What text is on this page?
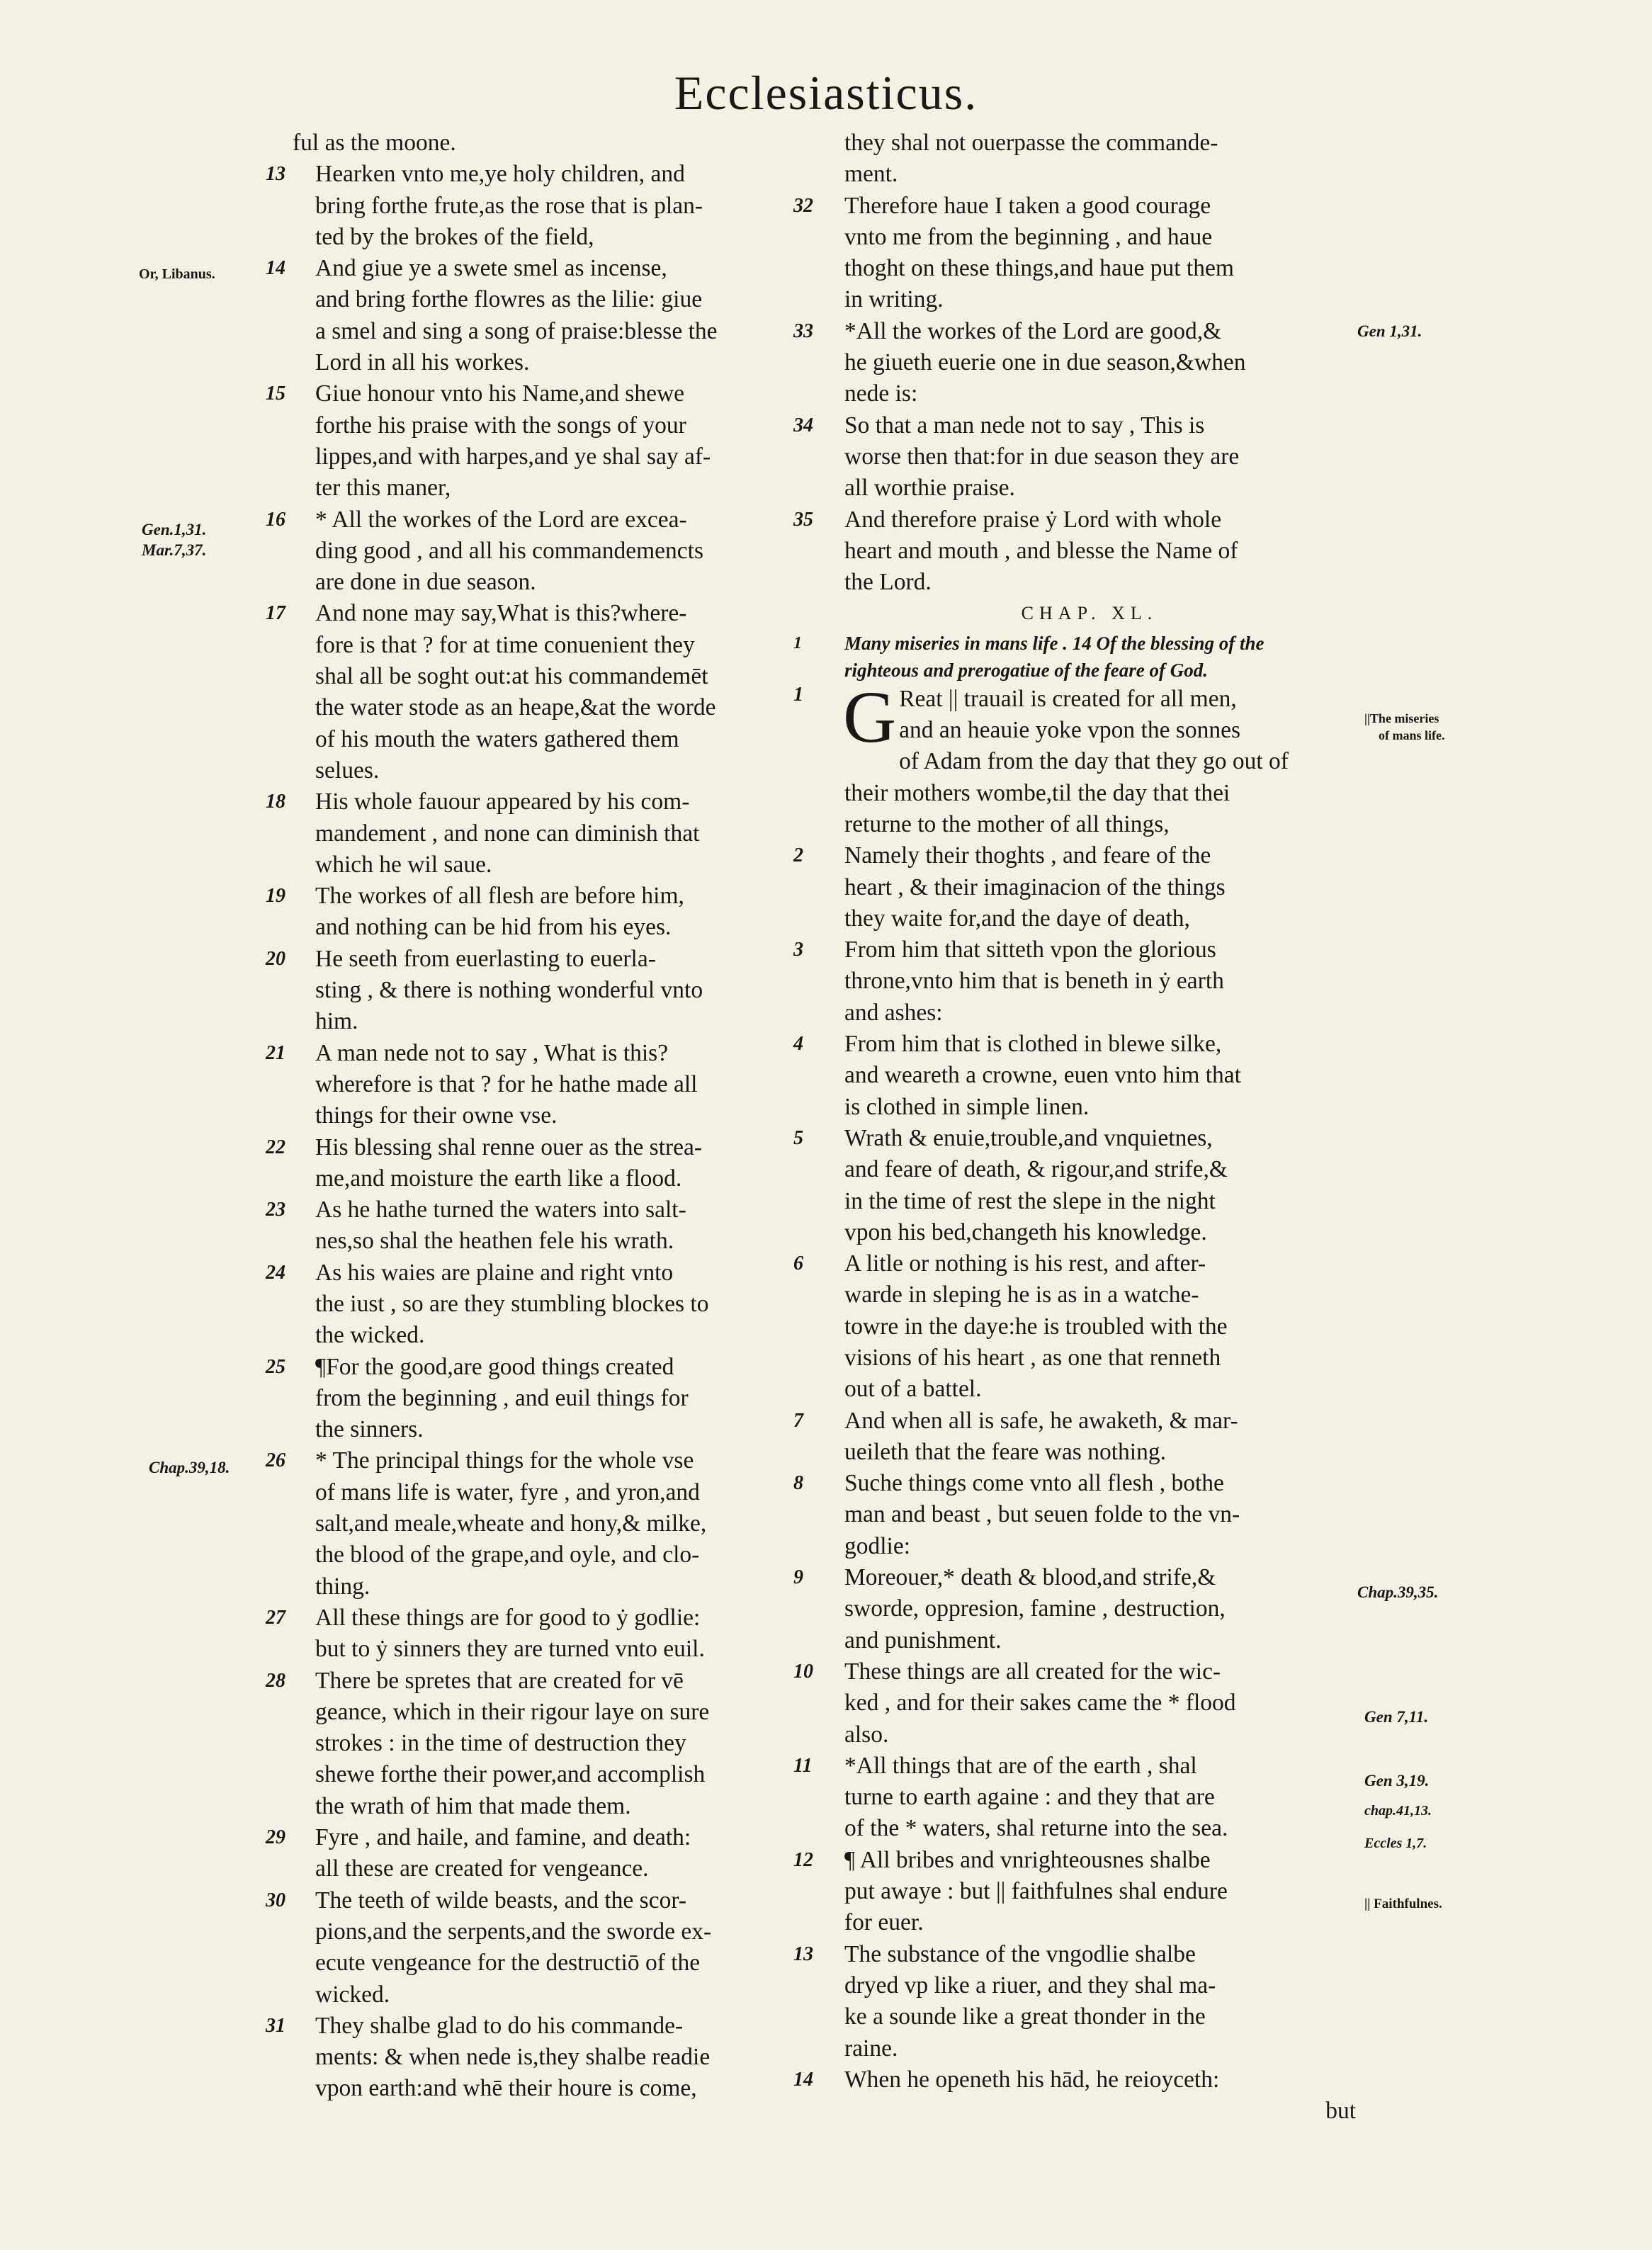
Ecclesiasticus.
ful as the moone.
13	Hearken vnto me,ye holy children, and
bring forthe frute,as the rose that is plan-
ted by the brokes of the field,
14	And giue ye a swete smel as incense,
and bring forthe flowres as the lilie: giue
a smel and sing a song of praise:blesse the
Lord in all his workes.
15	Giue honour vnto his Name,and shewe
forthe his praise with the songs of your
lippes,and with harpes,and ye shal say af-
ter this maner,
16	* All the workes of the Lord are excea-
ding good , and all his commandemencts
are done in due season.
17	And none may say,What is this?where-
fore is that ? for at time conuenient they
shal all be soght out:at his commandemēt
the water stode as an heape,&at the worde
of his mouth the waters gathered them
selues.
18	His whole fauour appeared by his com-
mandement , and none can diminish that
which he wil saue.
19	The workes of all flesh are before him,
and nothing can be hid from his eyes.
20	He seeth from euerlasting to euerla-
sting , & there is nothing wonderful vnto
him.
21	A man nede not to say , What is this?
wherefore is that ? for he hathe made all
things for their owne vse.
22	His blessing shal renne ouer as the strea-
me,and moisture the earth like a flood.
23	As he hathe turned the waters into salt-
nes,so shal the heathen fele his wrath.
24	As his waies are plaine and right vnto
the iust , so are they stumbling blockes to
the wicked.
25	¶For the good,are good things created
from the beginning , and euil things for
the sinners.
26	* The principal things for the whole vse
of mans life is water, fyre , and yron,and
salt,and meale,wheate and hony,& milke,
the blood of the grape,and oyle, and clo-
thing.
27	All these things are for good to ẏ godlie:
but to ẏ sinners they are turned vnto euil.
28	There be spretes that are created for vē
geance, which in their rigour laye on sure
strokes : in the time of destruction they
shewe forthe their power,and accomplish
the wrath of him that made them.
29	Fyre , and haile, and famine, and death:
all these are created for vengeance.
30	The teeth of wilde beasts, and the scor-
pions,and the serpents,and the sworde ex-
ecute vengeance for the destructiō of the
wicked.
31	They shalbe glad to do his commande-
ments: & when nede is,they shalbe readie
vpon earth:and whē their houre is come,
they shal not ouerpasse the commande-
ment.
32 Therefore haue I taken a good courage
vnto me from the beginning , and haue
thoght on these things,and haue put them
in writing.
33 *All the workes of the Lord are good,&
he giueth euerie one in due season,&when
nede is:
34 So that a man nede not to say , This is
worse then that:for in due season they are
all worthie praise.
35 And therefore praise ẏ Lord with whole
heart and mouth , and blesse the Name of
the Lord.
CHAP. XL.
1	Many miseries in mans life . 14 Of the blessing of the
righteous and prerogatiue of the feare of God.
1 G Reat || trauail is created for all men,
and an heauie yoke vpon the sonnes
of Adam from the day that they go out of
their mothers wombe,til the day that thei
returne to the mother of all things,
2	Namely their thoghts , and feare of the
heart , & their imaginacion of the things
they waite for,and the daye of death,
3	From him that sitteth vpon the glorious
throne,vnto him that is beneth in ẏ earth
and ashes:
4	From him that is clothed in blewe silke,
and weareth a crowne, euen vnto him that
is clothed in simple linen.
5	Wrath & enuie,trouble,and vnquietnes,
and feare of death, & rigour,and strife,&
in the time of rest the slepe in the night
vpon his bed,changeth his knowledge.
6	A litle or nothing is his rest, and after-
warde in sleping he is as in a watche-
towre in the daye:he is troubled with the
visions of his heart , as one that renneth
out of a battel.
7	And when all is safe, he awaketh, & mar-
ueileth that the feare was nothing.
8	Suche things come vnto all flesh , bothe
man and beast , but seuen folde to the vn-
godlie:
9	Moreouer,* death & blood,and strife,&
sworde, oppresion, famine , destruction,
and punishment.
10 These things are all created for the wic-
ked , and for their sakes came the * flood
also.
11 *All things that are of the earth , shal
turne to earth againe : and they that are
of the * waters, shal returne into the sea.
12 ¶ All bribes and vnrighteousnes shalbe
put awaye : but || faithfulnes shal endure
for euer.
13 The substance of the vngodlie shalbe
dryed vp like a riuer, and they shal ma-
ke a sounde like a great thonder in the
raine.
14 When he openeth his hād, he reioyceth:
but
Or, Libanus.
Gen.1,31.
Mar.7,37.
Chap.39,18.
Gen 1,31.
||The miseries
of mans life.
Chap.39,35.
Gen 7,11.
Gen 3,19.
chap.41,13.
Eccles 1,7.
|| Faithfulnes.
